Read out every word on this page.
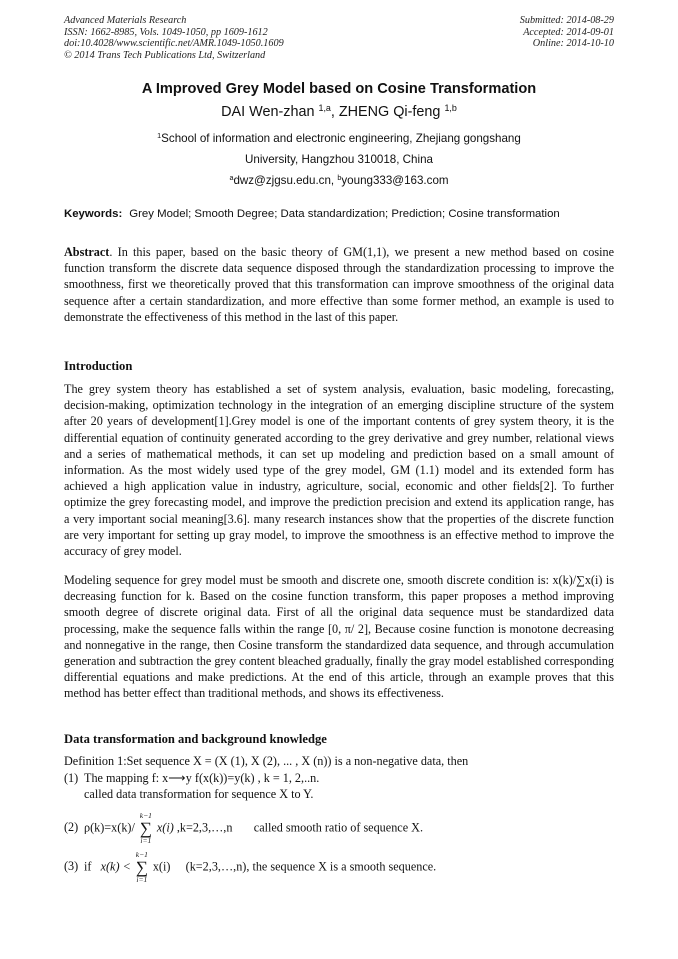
Advanced Materials Research
ISSN: 1662-8985, Vols. 1049-1050, pp 1609-1612
doi:10.4028/www.scientific.net/AMR.1049-1050.1609
© 2014 Trans Tech Publications Ltd, Switzerland
Submitted: 2014-08-29
Accepted: 2014-09-01
Online: 2014-10-10
A Improved Grey Model based on Cosine Transformation
DAI Wen-zhan $^{1,a}$, ZHENG Qi-feng $^{1,b}$
$^1$School of information and electronic engineering, Zhejiang gongshang
University, Hangzhou 310018, China
$^a$dwz@zjgsu.edu.cn, $^b$young333@163.com
Keywords: Grey Model; Smooth Degree; Data standardization; Prediction; Cosine transformation

Abstract. In this paper, based on the basic theory of GM(1,1), we present a new method based on cosine function transform the discrete data sequence disposed through the standardization processing to improve the smoothness, first we theoretically proved that this transformation can improve smoothness of the original data sequence after a certain standardization, and more effective than some former method, an example is used to demonstrate the effectiveness of this method in the last of this paper.

Introduction

The grey system theory has established a set of system analysis, evaluation, basic modeling, forecasting, decision-making, optimization technology in the integration of an emerging discipline structure of the system after 20 years of development[1].Grey model is one of the important contents of grey system theory, it is the differential equation of continuity generated according to the grey derivative and grey number, relational views and a series of mathematical methods, it can set up modeling and prediction based on a small amount of information. As the most widely used type of the grey model, GM (1.1) model and its extended form has achieved a high application value in industry, agriculture, social, economic and other fields[2]. To further optimize the grey forecasting model, and improve the prediction precision and extend its application range, has a very important social meaning[3.6]. many research instances show that the properties of the discrete function are very important for setting up gray model, to improve the smoothness is an effective method to improve the accuracy of grey model.

Modeling sequence for grey model must be smooth and discrete one, smooth discrete condition is: x(k)/∑x(i) is decreasing function for k. Based on the cosine function transform, this paper proposes a method improving smooth degree of discrete original data. First of all the original data sequence must be standardized data processing, make the sequence falls within the range [0, π/ 2], Because cosine function is monotone decreasing and nonnegative in the range, then Cosine transform the standardized data sequence, and through accumulation generation and subtraction the grey content bleached gradually, finally the gray model established corresponding differential equations and make predictions. At the end of this article, through an example proves that this method has better effect than traditional methods, and shows its effectiveness.

Data transformation and background knowledge
Definition 1:Set sequence X = (X (1), X (2), ... , X (n)) is a non-negative data, then
(1) The mapping f: x⟶y f(x(k))=y(k) , k = 1, 2,..n.
called data transformation for sequence X to Y.
(2) ρ(k)=x(k)/
k−1
∑
i=1
x(i) ,k=2,3,…,n called smooth ratio of sequence X.
(3) if x(k) <
k−1
∑
i=1
x(i) (k=2,3,…,n), the sequence X is a smooth sequence.
